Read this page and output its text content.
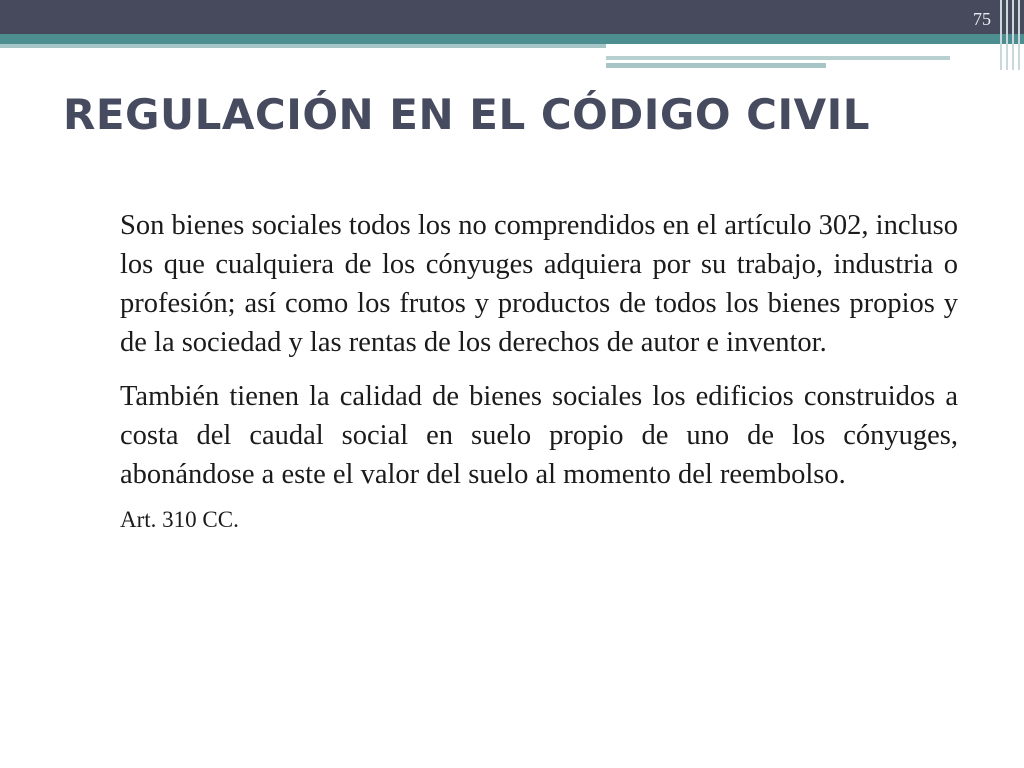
75
REGULACIÓN EN EL CÓDIGO CIVIL

Son bienes sociales todos los no comprendidos en el artículo 302, incluso los que cualquiera de los cónyuges adquiera por su trabajo, industria o profesión; así como los frutos y productos de todos los bienes propios y de la sociedad y las rentas de los derechos de autor e inventor.

También tienen la calidad de bienes sociales los edificios construidos a costa del caudal social en suelo propio de uno de los cónyuges, abonándose a este el valor del suelo al momento del reembolso.

Art. 310 CC.
